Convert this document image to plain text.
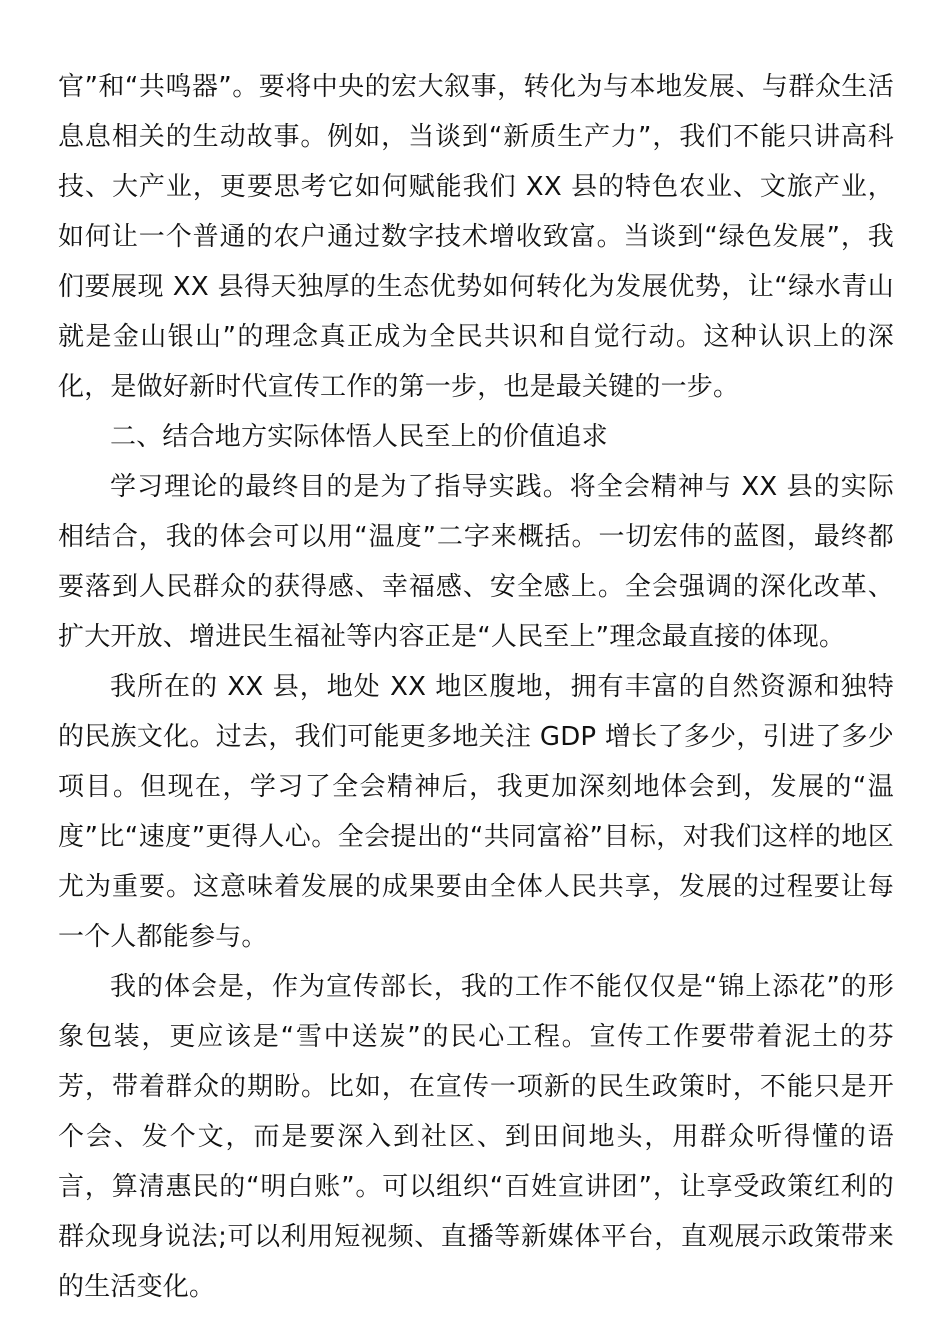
官”和“共鸣器”。要将中央的宏大叙事，转化为与本地发展、与群众生活息息相关的生动故事。例如，当谈到“新质生产力”，我们不能只讲高科技、大产业，更要思考它如何赋能我们 XX 县的特色农业、文旅产业，如何让一个普通的农户通过数字技术增收致富。当谈到“绿色发展”，我们要展现 XX 县得天独厚的生态优势如何转化为发展优势，让“绿水青山就是金山银山”的理念真正成为全民共识和自觉行动。这种认识上的深化，是做好新时代宣传工作的第一步，也是最关键的一步。

二、结合地方实际体悟人民至上的价值追求

学习理论的最终目的是为了指导实践。将全会精神与 XX 县的实际相结合，我的体会可以用“温度”二字来概括。一切宏伟的蓝图，最终都要落到人民群众的获得感、幸福感、安全感上。全会强调的深化改革、扩大开放、增进民生福祉等内容正是“人民至上”理念最直接的体现。

我所在的 XX 县，地处 XX 地区腹地，拥有丰富的自然资源和独特的民族文化。过去，我们可能更多地关注 GDP 增长了多少，引进了多少项目。但现在，学习了全会精神后，我更加深刻地体会到，发展的“温度”比“速度”更得人心。全会提出的“共同富裕”目标，对我们这样的地区尤为重要。这意味着发展的成果要由全体人民共享，发展的过程要让每一个人都能参与。

我的体会是，作为宣传部长，我的工作不能仅仅是“锦上添花”的形象包装，更应该是“雪中送炭”的民心工程。宣传工作要带着泥土的芬芳，带着群众的期盼。比如，在宣传一项新的民生政策时，不能只是开个会、发个文，而是要深入到社区、到田间地头，用群众听得懂的语言，算清惠民的“明白账”。可以组织“百姓宣讲团”，让享受政策红利的群众现身说法;可以利用短视频、直播等新媒体平台，直观展示政策带来的生活变化。
